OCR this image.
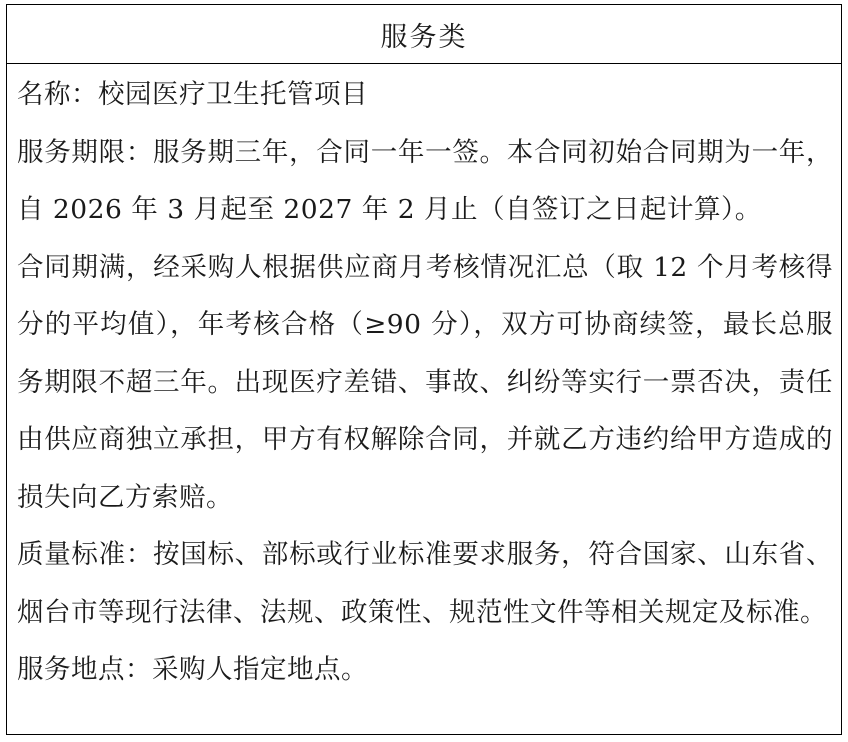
服务类

名称：校园医疗卫生托管项目

服务期限：服务期三年，合同一年一签。本合同初始合同期为一年，自 2026 年 3 月起至 2027 年 2 月止（自签订之日起计算）。

合同期满，经采购人根据供应商月考核情况汇总（取 12 个月考核得分的平均值），年考核合格（≥90 分），双方可协商续签，最长总服务期限不超三年。出现医疗差错、事故、纠纷等实行一票否决，责任由供应商独立承担，甲方有权解除合同，并就乙方违约给甲方造成的损失向乙方索赔。

质量标准：按国标、部标或行业标准要求服务，符合国家、山东省、烟台市等现行法律、法规、政策性、规范性文件等相关规定及标准。

服务地点：采购人指定地点。
